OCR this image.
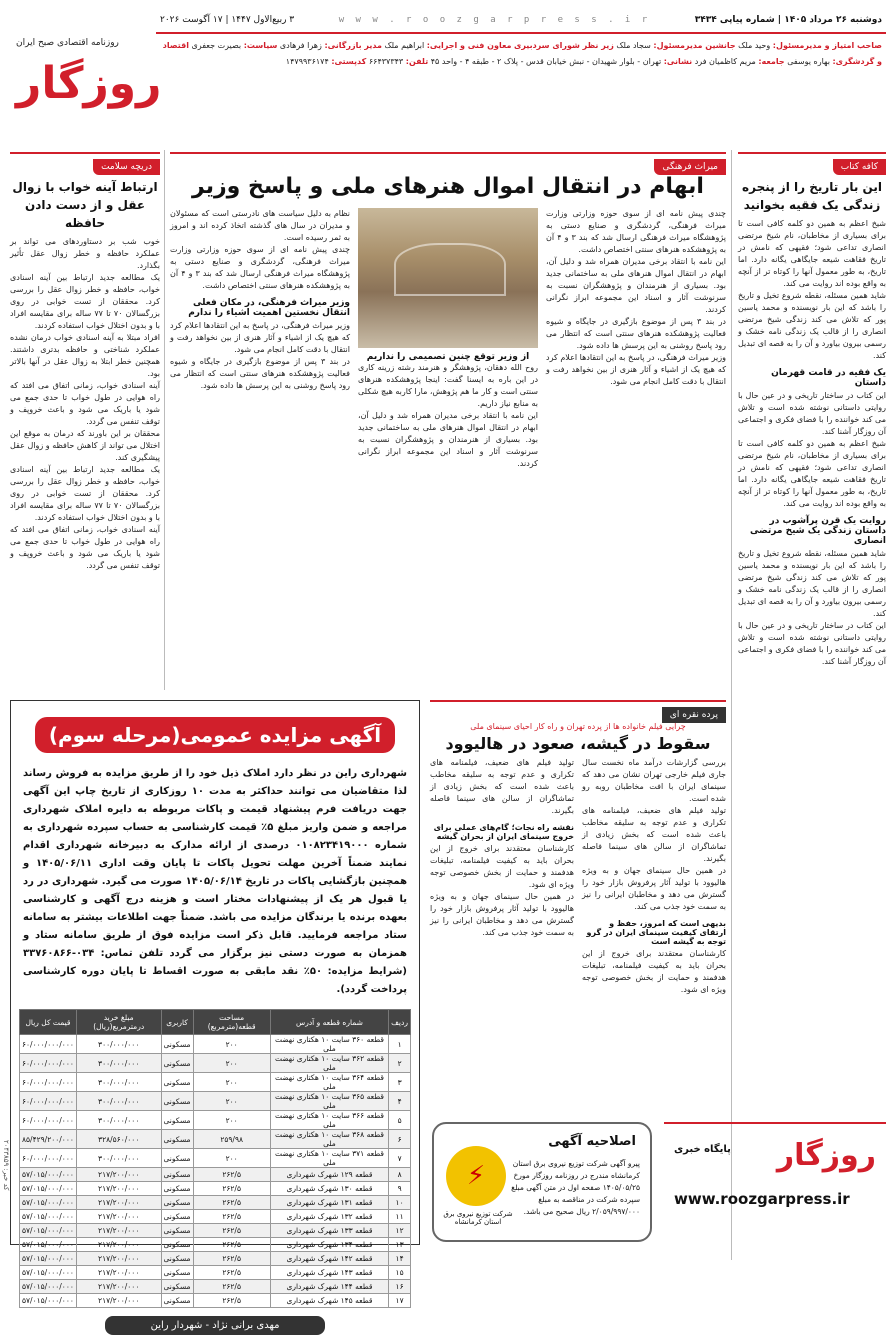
روزنامه اقتصادی صبح ایران
روزگار
دوشنبه ۲۶ مرداد ۱۴۰۵ | شماره پیاپی ۳۴۳۴
w w w . r o o z g a r p r e s s . i r
۳ ربیع‌الاول ۱۴۴۷ | ۱۷ آگوست ۲۰۲۶
صاحب امتیاز و مدیرمسئول: وحید ملک جانشین مدیرمسئول: سجاد ملک زیر نظر شورای سردبیری معاون فنی و اجرایی: ابراهیم ملک مدیر بازرگانی: زهرا فرهادی سیاست: بصیرت جعفری اقتصاد و گردشگری: بهاره یوسفی جامعه: مریم کاظمیان فرد نشانی: تهران - بلوار شهیدان - نبش خیابان قدس - پلاک ۲ - طبقه ۴ - واحد ۴۵ تلفن: ۶۶۴۳۷۳۴۳ کدپستی: ۱۴۷۹۹۳۶۱۷۴
کافه کتاب
این بار تاریخ را از پنجره زندگی یک فقیه بخوانید

شیخ اعظم به همین دو کلمه کافی است تا برای بسیاری از مخاطبان، نام شیخ مرتضی انصاری تداعی شود؛ فقیهی که نامش در تاریخ فقاهت شیعه جایگاهی یگانه دارد. اما تاریخ، به طور معمول آنها را کوتاه تر از آنچه به واقع بوده اند روایت می کند.

شاید همین مسئله، نقطه شروع تخیل و تاریخ را باشد که این بار نویسنده و محمد یاسین پور که تلاش می کند زندگی شیخ مرتضی انصاری را از قالب یک زندگی نامه خشک و رسمی بیرون بیاورد و آن را به قصه ای تبدیل کند.

یک فقیه در قامت قهرمان داستان

این کتاب در ساختار تاریخی و در عین حال با روایتی داستانی نوشته شده است و تلاش می کند خواننده را با فضای فکری و اجتماعی آن روزگار آشنا کند.

شیخ اعظم به همین دو کلمه کافی است تا برای بسیاری از مخاطبان، نام شیخ مرتضی انصاری تداعی شود؛ فقیهی که نامش در تاریخ فقاهت شیعه جایگاهی یگانه دارد. اما تاریخ، به طور معمول آنها را کوتاه تر از آنچه به واقع بوده اند روایت می کند.

روایت یک قرن پرآشوب در داستان زندگی یک شیخ مرتضی انصاری

شاید همین مسئله، نقطه شروع تخیل و تاریخ را باشد که این بار نویسنده و محمد یاسین پور که تلاش می کند زندگی شیخ مرتضی انصاری را از قالب یک زندگی نامه خشک و رسمی بیرون بیاورد و آن را به قصه ای تبدیل کند.

این کتاب در ساختار تاریخی و در عین حال با روایتی داستانی نوشته شده است و تلاش می کند خواننده را با فضای فکری و اجتماعی آن روزگار آشنا کند.

میراث فرهنگی
ابهام در انتقال اموال هنرهای ملی و پاسخ وزیر

چندی پیش نامه ای از سوی حوزه وزارتی وزارت میراث فرهنگی، گردشگری و صنایع دستی به پژوهشگاه میراث فرهنگی ارسال شد که بند ۳ و ۴ آن به پژوهشکده هنرهای سنتی اختصاص داشت.

این نامه با انتقاد برخی مدیران همراه شد و دلیل آن، ابهام در انتقال اموال هنرهای ملی به ساختمانی جدید بود. بسیاری از هنرمندان و پژوهشگران نسبت به سرنوشت آثار و اسناد این مجموعه ابراز نگرانی کردند.

در بند ۳ پس از موضوع بازگیری در جایگاه و شیوه فعالیت پژوهشکده هنرهای سنتی است که انتظار می رود پاسخ روشنی به این پرسش ها داده شود.

وزیر میراث فرهنگی، در پاسخ به این انتقادها اعلام کرد که هیچ یک از اشیاء و آثار هنری از بین نخواهد رفت و انتقال با دقت کامل انجام می شود.

از وزیر توقع چنین تصمیمی را نداریم

روح الله دهقان، پژوهشگر و هنرمند رشته زرینه کاری در این باره به ایسنا گفت: اینجا پژوهشکده هنرهای سنتی است و کار ما هم پژوهش، مارا کاربه هیچ شکلی به منابع نیاز داریم.

این نامه با انتقاد برخی مدیران همراه شد و دلیل آن، ابهام در انتقال اموال هنرهای ملی به ساختمانی جدید بود. بسیاری از هنرمندان و پژوهشگران نسبت به سرنوشت آثار و اسناد این مجموعه ابراز نگرانی کردند.

نظام به دلیل سیاست های نادرستی است که مسئولان و مدیران در سال های گذشته اتخاذ کرده اند و امروز به ثمر رسیده است.

چندی پیش نامه ای از سوی حوزه وزارتی وزارت میراث فرهنگی، گردشگری و صنایع دستی به پژوهشگاه میراث فرهنگی ارسال شد که بند ۳ و ۴ آن به پژوهشکده هنرهای سنتی اختصاص داشت.

وزیر میراث فرهنگی، در مکان فعلی انتقال نخستین اهمیت اشیاء را ندارم

وزیر میراث فرهنگی، در پاسخ به این انتقادها اعلام کرد که هیچ یک از اشیاء و آثار هنری از بین نخواهد رفت و انتقال با دقت کامل انجام می شود.

در بند ۳ پس از موضوع بازگیری در جایگاه و شیوه فعالیت پژوهشکده هنرهای سنتی است که انتظار می رود پاسخ روشنی به این پرسش ها داده شود.

دریچه سلامت
ارتباط آینه خواب با زوال عقل و از دست دادن حافظه

خوب شب بر دستاوردهای می تواند بر عملکرد حافظه و خطر زوال عقل تأثیر بگذارد.

یک مطالعه جدید ارتباط بین آینه اسنادی خواب، حافظه و خطر زوال عقل را بررسی کرد. محققان از تست خوابی در روی بزرگسالان ۷۰ تا ۷۷ ساله برای مقایسه افراد با و بدون اختلال خواب استفاده کردند.

افراد مبتلا به آینه اسنادی خواب درمان نشده عملکرد شناختی و حافظه بدتری داشتند. همچنین خطر ابتلا به زوال عقل در آنها بالاتر بود.

آینه اسنادی خواب، زمانی اتفاق می افتد که راه هوایی در طول خواب تا حدی جمع می شود یا باریک می شود و باعث خروپف و توقف تنفس می گردد.

محققان بر این باورند که درمان به موقع این اختلال می تواند از کاهش حافظه و زوال عقل پیشگیری کند.

یک مطالعه جدید ارتباط بین آینه اسنادی خواب، حافظه و خطر زوال عقل را بررسی کرد. محققان از تست خوابی در روی بزرگسالان ۷۰ تا ۷۷ ساله برای مقایسه افراد با و بدون اختلال خواب استفاده کردند.

آینه اسنادی خواب، زمانی اتفاق می افتد که راه هوایی در طول خواب تا حدی جمع می شود یا باریک می شود و باعث خروپف و توقف تنفس می گردد.

پرده نقره ای
چرایی فیلم خانواده ها از پرده تهران و راه کار احیای سینمای ملی
سقوط در گیشه، صعود در هالیوود

بررسی گزارشات درآمد ماه نخست سال جاری فیلم خارجی تهران نشان می دهد که سینمای ایران با افت مخاطبان روبه رو شده است.

تولید فیلم های ضعیف، فیلمنامه های تکراری و عدم توجه به سلیقه مخاطب باعث شده است که بخش زیادی از تماشاگران از سالن های سینما فاصله بگیرند.

در همین حال سینمای جهان و به ویژه هالیوود با تولید آثار پرفروش بازار خود را گسترش می دهد و مخاطبان ایرانی را نیز به سمت خود جذب می کند.

بدیهی است که امروز، حفظ و ارتقای کیفیت سینمای ایران در گرو توجه به گیشه است

کارشناسان معتقدند برای خروج از این بحران باید به کیفیت فیلمنامه، تبلیغات هدفمند و حمایت از بخش خصوصی توجه ویژه ای شود.

تولید فیلم های ضعیف، فیلمنامه های تکراری و عدم توجه به سلیقه مخاطب باعث شده است که بخش زیادی از تماشاگران از سالن های سینما فاصله بگیرند.

نقشه راه نجات؛ گام‌های عملی برای خروج سینمای ایران از بحران گیشه

کارشناسان معتقدند برای خروج از این بحران باید به کیفیت فیلمنامه، تبلیغات هدفمند و حمایت از بخش خصوصی توجه ویژه ای شود.

در همین حال سینمای جهان و به ویژه هالیوود با تولید آثار پرفروش بازار خود را گسترش می دهد و مخاطبان ایرانی را نیز به سمت خود جذب می کند.

آگهی مزایده عمومی(مرحله سوم)
شهرداری راین در نظر دارد املاک ذیل خود را از طریق مزایده به فروش رساند لذا متقاضیان می توانند حداکثر به مدت ۱۰ روزکاری از تاریخ چاپ این آگهی جهت دریافت فرم پیشنهاد قیمت و پاکات مربوطه به دایره املاک شهرداری مراجعه و ضمن واریز مبلغ ۵٪ قیمت کارشناسی به حساب سپرده شهرداری به شماره ۰۱۰۸۲۳۴۱۹۰۰۰ درصدی از ارائه مدارک به دبیرخانه شهرداری اقدام نمایند ضمناً آخرین مهلت تحویل پاکات تا پایان وقت اداری ۱۴۰۵/۰۶/۱۱ و همچنین بازگشایی پاکات در تاریخ ۱۴۰۵/۰۶/۱۴ صورت می گیرد. شهرداری در رد یا قبول هر یک از پیشنهادات مختار است و هزینه درج آگهی و کارشناسی بعهده برنده یا برندگان مزایده می باشد. ضمناً جهت اطلاعات بیشتر به سامانه ستاد مراجعه فرمایید. قابل ذکر است مزایده فوق از طریق سامانه ستاد و همزمان به صورت دستی نیز برگزار می گردد تلفن تماس: ۰۳۴-۳۳۷۶۰۸۶۶ (شرایط مزایده: ۵۰٪ نقد مابقی به صورت اقساط تا پایان دوره کارشناسی پرداخت گردد).
ردیف	شماره قطعه و آدرس	مساحت قطعه(مترمربع)	کاربری	مبلغ خرید درمترمربع(ریال)	قیمت کل ریال
۱	قطعه ۳۶۰ سایت ۱۰ هکتاری نهضت ملی	۲۰۰	مسکونی	۳۰۰/۰۰۰/۰۰۰	۶۰/۰۰۰/۰۰۰/۰۰۰
۲	قطعه ۳۶۲ سایت ۱۰ هکتاری نهضت ملی	۲۰۰	مسکونی	۳۰۰/۰۰۰/۰۰۰	۶۰/۰۰۰/۰۰۰/۰۰۰
۳	قطعه ۳۶۴ سایت ۱۰ هکتاری نهضت ملی	۲۰۰	مسکونی	۳۰۰/۰۰۰/۰۰۰	۶۰/۰۰۰/۰۰۰/۰۰۰
۴	قطعه ۳۶۵ سایت ۱۰ هکتاری نهضت ملی	۲۰۰	مسکونی	۳۰۰/۰۰۰/۰۰۰	۶۰/۰۰۰/۰۰۰/۰۰۰
۵	قطعه ۳۶۶ سایت ۱۰ هکتاری نهضت ملی	۲۰۰	مسکونی	۳۰۰/۰۰۰/۰۰۰	۶۰/۰۰۰/۰۰۰/۰۰۰
۶	قطعه ۳۶۸ سایت ۱۰ هکتاری نهضت ملی	۲۵۹/۹۸	مسکونی	۳۲۸/۵۶۰/۰۰۰	۸۵/۴۲۹/۲۰۰/۰۰۰
۷	قطعه ۳۷۱ سایت ۱۰ هکتاری نهضت ملی	۲۰۰	مسکونی	۳۰۰/۰۰۰/۰۰۰	۶۰/۰۰۰/۰۰۰/۰۰۰
۸	قطعه ۱۲۹ شهرک شهرداری	۲۶۲/۵	مسکونی	۲۱۷/۲۰۰/۰۰۰	۵۷/۰۱۵/۰۰۰/۰۰۰
۹	قطعه ۱۳۰ شهرک شهرداری	۲۶۲/۵	مسکونی	۲۱۷/۲۰۰/۰۰۰	۵۷/۰۱۵/۰۰۰/۰۰۰
۱۰	قطعه ۱۳۱ شهرک شهرداری	۲۶۲/۵	مسکونی	۲۱۷/۲۰۰/۰۰۰	۵۷/۰۱۵/۰۰۰/۰۰۰
۱۱	قطعه ۱۳۲ شهرک شهرداری	۲۶۲/۵	مسکونی	۲۱۷/۲۰۰/۰۰۰	۵۷/۰۱۵/۰۰۰/۰۰۰
۱۲	قطعه ۱۳۳ شهرک شهرداری	۲۶۲/۵	مسکونی	۲۱۷/۲۰۰/۰۰۰	۵۷/۰۱۵/۰۰۰/۰۰۰
۱۳	قطعه ۱۳۴ شهرک شهرداری	۲۶۲/۵	مسکونی	۲۱۷/۲۰۰/۰۰۰	۵۷/۰۱۵/۰۰۰/۰۰۰
۱۴	قطعه ۱۴۲ شهرک شهرداری	۲۶۲/۵	مسکونی	۲۱۷/۲۰۰/۰۰۰	۵۷/۰۱۵/۰۰۰/۰۰۰
۱۵	قطعه ۱۴۳ شهرک شهرداری	۲۶۲/۵	مسکونی	۲۱۷/۲۰۰/۰۰۰	۵۷/۰۱۵/۰۰۰/۰۰۰
۱۶	قطعه ۱۴۴ شهرک شهرداری	۲۶۲/۵	مسکونی	۲۱۷/۲۰۰/۰۰۰	۵۷/۰۱۵/۰۰۰/۰۰۰
۱۷	قطعه ۱۴۵ شهرک شهرداری	۲۶۲/۵	مسکونی	۲۱۷/۲۰۰/۰۰۰	۵۷/۰۱۵/۰۰۰/۰۰۰
مهدی برانی نژاد - شهردار راین
اصلاحیه آگهی
پیرو آگهی شرکت توزیع نیروی برق استان کرمانشاه مندرج در روزنامه روزگار مورخ ۱۴۰۵/۰۵/۲۵ صفحه اول در متن آگهی مبلغ سپرده شرکت در مناقصه به مبلغ ۲/۰۵۹/۹۹۷/۰۰۰ ریال صحیح می باشد.
⚡
شرکت توزیع نیروی برق استان کرمانشاه
پایگاه خبری روزگار
www.roozgarpress.ir
کد خبر: ۲۰۴۳۸۵۹
